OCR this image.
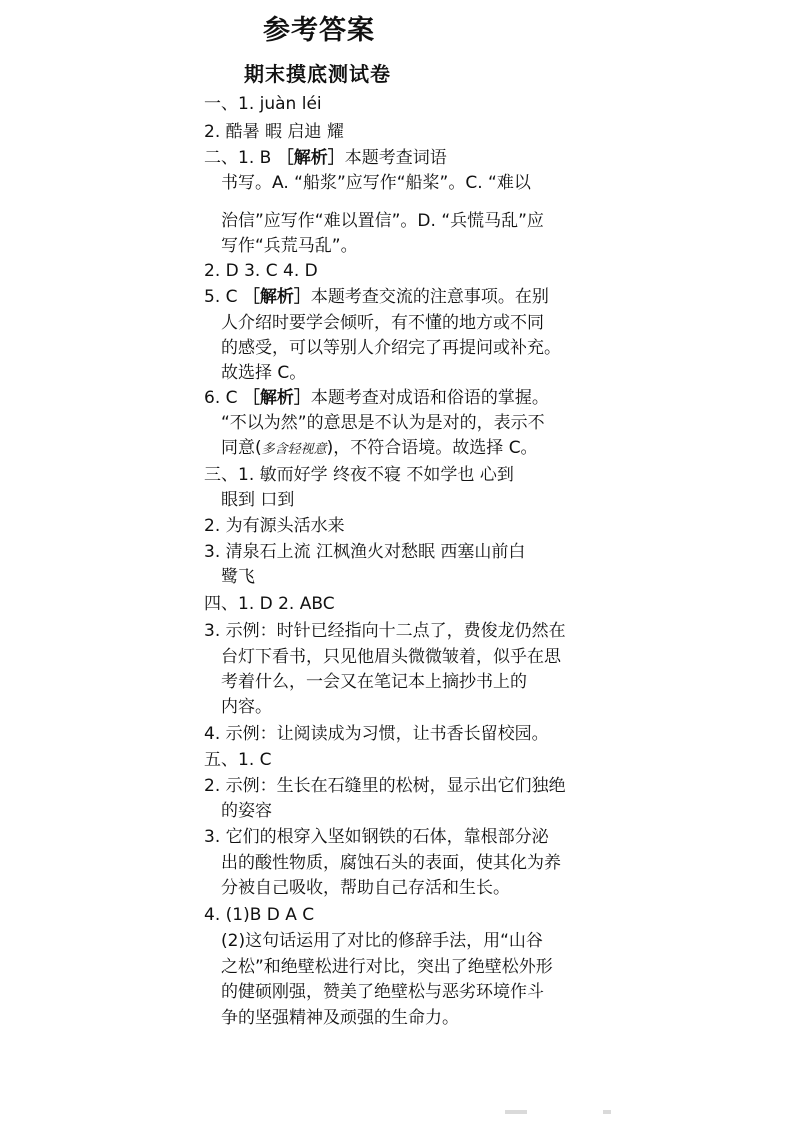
参考答案
期末摸底测试卷
一、1. juàn léi
2. 酷暑 暇 启迪 耀
二、1. B ［解析］本题考查词语
书写。A. “船浆”应写作“船桨”。C. “难以
治信”应写作“难以置信”。D. “兵慌马乱”应
写作“兵荒马乱”。
2. D 3. C 4. D
5. C ［解析］本题考查交流的注意事项。在别
人介绍时要学会倾听，有不懂的地方或不同
的感受，可以等别人介绍完了再提问或补充。
故选择 C。
6. C ［解析］本题考查对成语和俗语的掌握。
“不以为然”的意思是不认为是对的，表示不
同意(多含轻视意)，不符合语境。故选择 C。
三、1. 敏而好学 终夜不寝 不如学也 心到
眼到 口到
2. 为有源头活水来
3. 清泉石上流 江枫渔火对愁眠 西塞山前白
鹭飞
四、1. D 2. ABC
3. 示例：时针已经指向十二点了，费俊龙仍然在
台灯下看书，只见他眉头微微皱着，似乎在思
考着什么，一会又在笔记本上摘抄书上的
内容。
4. 示例：让阅读成为习惯，让书香长留校园。
五、1. C
2. 示例：生长在石缝里的松树，显示出它们独绝
的姿容
3. 它们的根穿入坚如钢铁的石体，靠根部分泌
出的酸性物质，腐蚀石头的表面，使其化为养
分被自己吸收，帮助自己存活和生长。
4. (1)B D A C
(2)这句话运用了对比的修辞手法，用“山谷
之松”和绝壁松进行对比，突出了绝壁松外形
的健硕刚强，赞美了绝壁松与恶劣环境作斗
争的坚强精神及顽强的生命力。
